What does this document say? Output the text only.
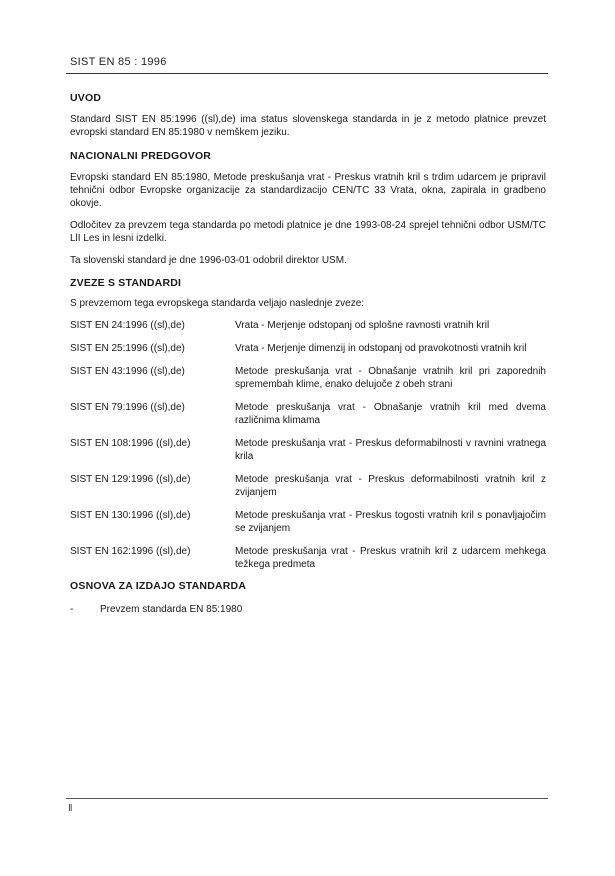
SIST EN 85 : 1996
UVOD

Standard SIST EN 85:1996 ((sl),de) ima status slovenskega standarda in je z metodo platnice prevzet evropski standard EN 85:1980 v nemškem jeziku.

NACIONALNI PREDGOVOR

Evropski standard EN 85:1980, Metode preskušanja vrat - Preskus vratnih kril s trdim udarcem je pripravil tehnični odbor Evropske organizacije za standardizacijo CEN/TC 33 Vrata, okna, zapirala in gradbeno okovje.

Odločitev za prevzem tega standarda po metodi platnice je dne 1993-08-24 sprejel tehnični odbor USM/TC LlI Les in lesni izdelki.

Ta slovenski standard je dne 1996-03-01 odobril direktor USM.

ZVEZE S STANDARDI

S prevzemom tega evropskega standarda veljajo naslednje zveze:

SIST EN 24:1996 ((sl),de)	Vrata - Merjenje odstopanj od splošne ravnosti vratnih kril
SIST EN 25:1996 ((sl),de)	Vrata - Merjenje dimenzij in odstopanj od pravokotnosti vratnih kril
SIST EN 43:1996 ((sl),de)	Metode preskušanja vrat - Obnašanje vratnih kril pri zaporednih spremembah klime, enako delujoče z obeh strani
SIST EN 79:1996 ((sl),de)	Metode preskušanja vrat - Obnašanje vratnih kril med dvema različnima klimama
SIST EN 108:1996 ((sl),de)	Metode preskušanja vrat - Preskus deformabilnosti v ravnini vratnega krila
SIST EN 129:1996 ((sl),de)	Metode preskušanja vrat - Preskus deformabilnosti vratnih kril z zvijanjem
SIST EN 130:1996 ((sl),de)	Metode preskušanja vrat - Preskus togosti vratnih kril s ponavljajočim se zvijanjem
SIST EN 162:1996 ((sl),de)	Metode preskušanja vrat - Preskus vratnih kril z udarcem mehkega težkega predmeta
OSNOVA ZA IZDAJO STANDARDA
-	Prevzem standarda EN 85:1980
II
